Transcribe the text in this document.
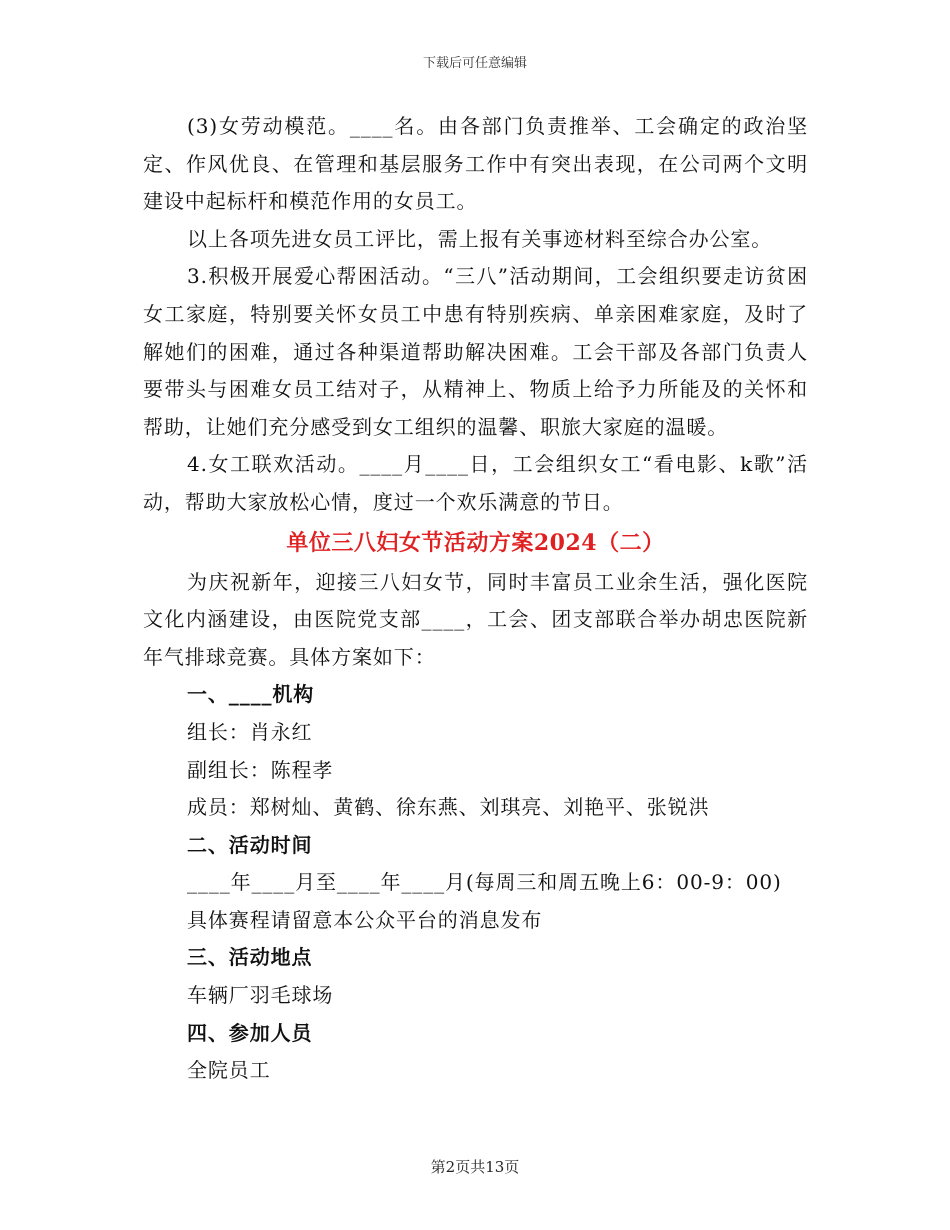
下载后可任意编辑

(3)女劳动模范。____名。由各部门负责推举、工会确定的政治坚定、作风优良、在管理和基层服务工作中有突出表现，在公司两个文明建设中起标杆和模范作用的女员工。

以上各项先进女员工评比，需上报有关事迹材料至综合办公室。

3.积极开展爱心帮困活动。“三八”活动期间，工会组织要走访贫困女工家庭，特别要关怀女员工中患有特别疾病、单亲困难家庭，及时了解她们的困难，通过各种渠道帮助解决困难。工会干部及各部门负责人要带头与困难女员工结对子，从精神上、物质上给予力所能及的关怀和帮助，让她们充分感受到女工组织的温馨、职旅大家庭的温暖。

4.女工联欢活动。____月____日，工会组织女工“看电影、k歌”活动，帮助大家放松心情，度过一个欢乐满意的节日。

单位三八妇女节活动方案2024（二）

为庆祝新年，迎接三八妇女节，同时丰富员工业余生活，强化医院文化内涵建设，由医院党支部____，工会、团支部联合举办胡忠医院新年气排球竞赛。具体方案如下：

一、____机构

组长：肖永红

副组长：陈程孝

成员：郑树灿、黄鹤、徐东燕、刘琪亮、刘艳平、张锐洪

二、活动时间

____年____月至____年____月(每周三和周五晚上6：00-9：00)

具体赛程请留意本公众平台的消息发布

三、活动地点

车辆厂羽毛球场

四、参加人员

全院员工

第2页共13页
